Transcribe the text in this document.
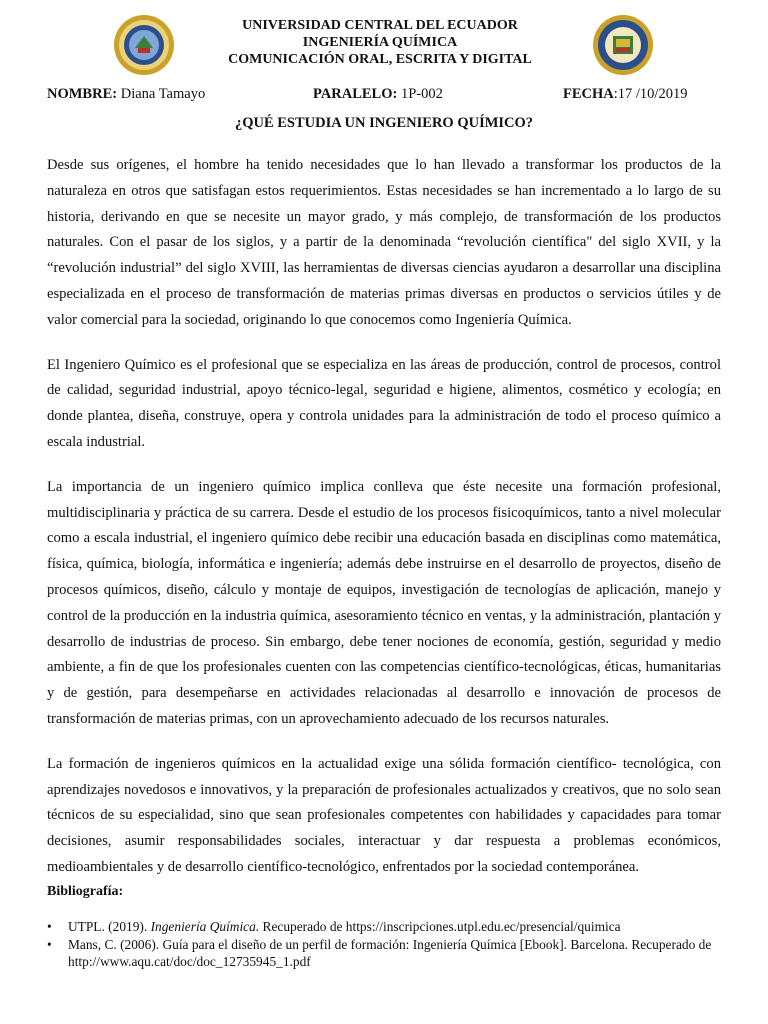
UNIVERSIDAD CENTRAL DEL ECUADOR
INGENIERÍA QUÍMICA
COMUNICACIÓN ORAL, ESCRITA Y DIGITAL
NOMBRE: Diana Tamayo	PARALELO: 1P-002	FECHA:17 /10/2019
¿QUÉ ESTUDIA UN INGENIERO QUÍMICO?

Desde sus orígenes, el hombre ha tenido necesidades que lo han llevado a transformar los productos de la naturaleza en otros que satisfagan estos requerimientos. Estas necesidades se han incrementado a lo largo de su historia, derivando en que se necesite un mayor grado, y más complejo, de transformación de los productos naturales. Con el pasar de los siglos, y a partir de la denominada “revolución científica" del siglo XVII, y la “revolución industrial” del siglo XVIII, las herramientas de diversas ciencias ayudaron a desarrollar una disciplina especializada en el proceso de transformación de materias primas diversas en productos o servicios útiles y de valor comercial para la sociedad, originando lo que conocemos como Ingeniería Química.

El Ingeniero Químico es el profesional que se especializa en las áreas de producción, control de procesos, control de calidad, seguridad industrial, apoyo técnico-legal, seguridad e higiene, alimentos, cosmético y ecología; en donde plantea, diseña, construye, opera y controla unidades para la administración de todo el proceso químico a escala industrial.

La importancia de un ingeniero químico implica conlleva que éste necesite una formación profesional, multidisciplinaria y práctica de su carrera. Desde el estudio de los procesos fisicoquímicos, tanto a nivel molecular como a escala industrial, el ingeniero químico debe recibir una educación basada en disciplinas como matemática, física, química, biología, informática e ingeniería; además debe instruirse en el desarrollo de proyectos, diseño de procesos químicos, diseño, cálculo y montaje de equipos, investigación de tecnologías de aplicación, manejo y control de la producción en la industria química, asesoramiento técnico en ventas, y la administración, plantación y desarrollo de industrias de proceso. Sin embargo, debe tener nociones de economía, gestión, seguridad y medio ambiente, a fin de que los profesionales cuenten con las competencias científico-tecnológicas, éticas, humanitarias y de gestión, para desempeñarse en actividades relacionadas al desarrollo e innovación de procesos de transformación de materias primas, con un aprovechamiento adecuado de los recursos naturales.

La formación de ingenieros químicos en la actualidad exige una sólida formación científico- tecnológica, con aprendizajes novedosos e innovativos, y la preparación de profesionales actualizados y creativos, que no solo sean técnicos de su especialidad, sino que sean profesionales competentes con habilidades y capacidades para tomar decisiones, asumir responsabilidades sociales, interactuar y dar respuesta a problemas económicos, medioambientales y de desarrollo científico-tecnológico, enfrentados por la sociedad contemporánea.

Bibliografía:
• UTPL. (2019). Ingeniería Química. Recuperado de https://inscripciones.utpl.edu.ec/presencial/quimica
• Mans, C. (2006). Guía para el diseño de un perfil de formación: Ingeniería Química [Ebook]. Barcelona. Recuperado de http://www.aqu.cat/doc/doc_12735945_1.pdf
